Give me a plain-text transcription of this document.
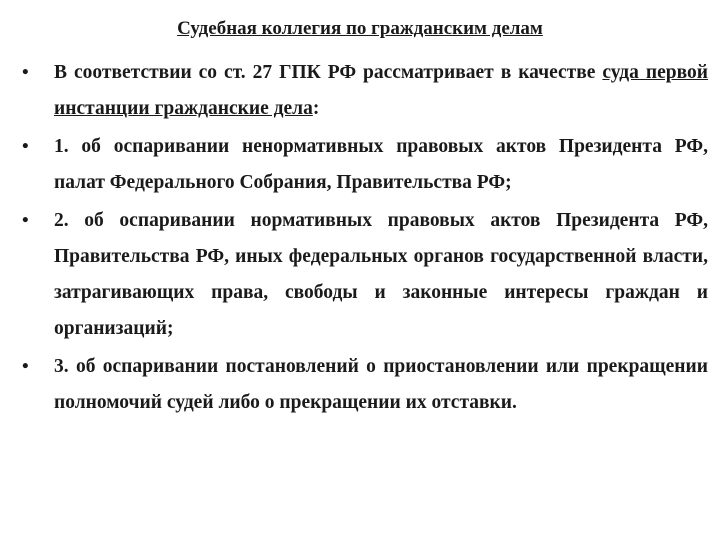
Судебная коллегия по гражданским делам
•	В соответствии со ст. 27 ГПК РФ рассматривает в качестве суда первой инстанции гражданские дела:
•	1. об оспаривании ненормативных правовых актов Президента РФ, палат Федерального Собрания, Правительства РФ;
•	2. об оспаривании нормативных правовых актов Президента РФ, Правительства РФ, иных федеральных органов государственной власти, затрагивающих права, свободы и законные интересы граждан и организаций;
•	3. об оспаривании постановлений о приостановлении или прекращении полномочий судей либо о прекращении их отставки.
